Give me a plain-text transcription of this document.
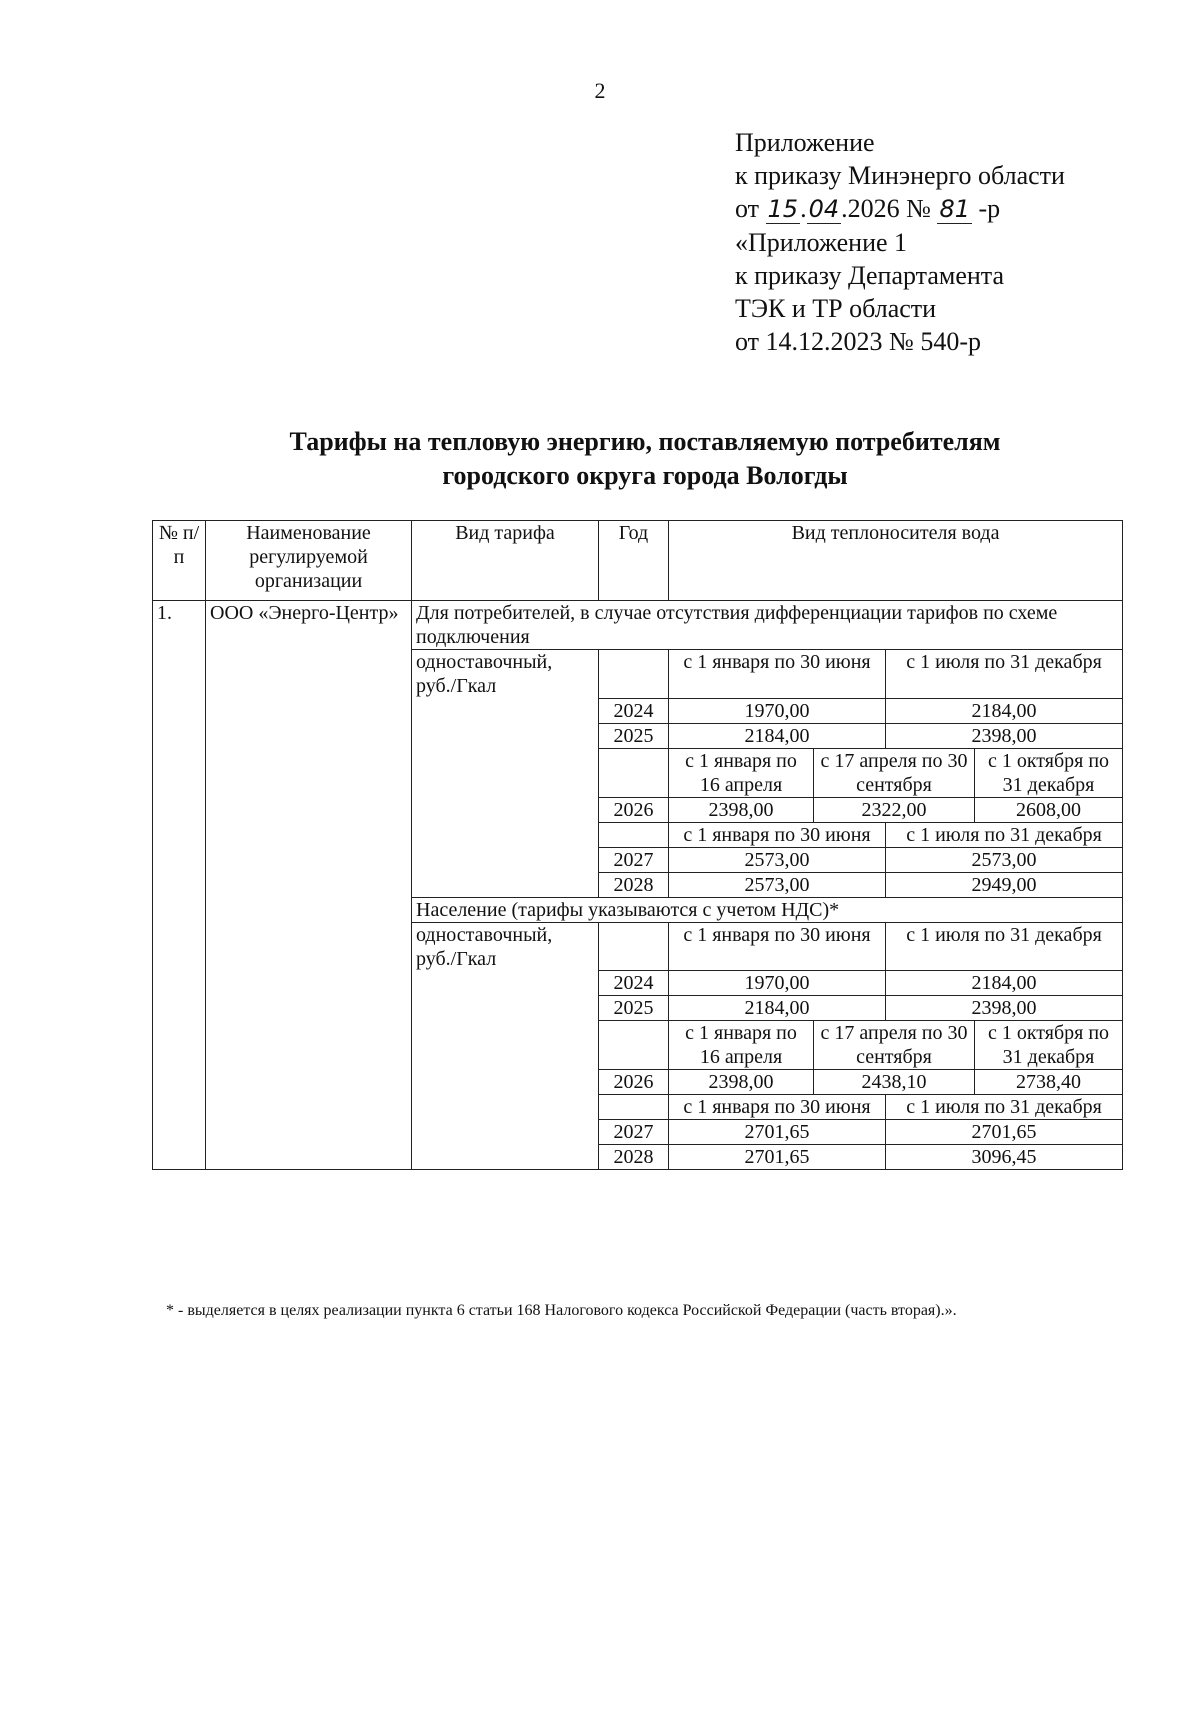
2
Приложение
к приказу Минэнерго области
от 15.04.2026 № 81 -р
«Приложение 1
к приказу Департамента
ТЭК и ТР области
от 14.12.2023 № 540-р
Тарифы на тепловую энергию, поставляемую потребителям
городского округа города Вологды
№ п/п	Наименование регулируемой организации	Вид тарифа	Год	Вид теплоносителя вода			
1.	ООО «Энерго-Центр»	Для потребителей, в случае отсутствия дифференциации тарифов по схеме подключения					
		одноставочный, руб./Гкал		с 1 января по 30 июня		с 1 июля по 31 декабря	
			2024	1970,00		2184,00	
			2025	2184,00		2398,00	
				с 1 января по 16 апреля	с 17 апреля по 30 сентября		с 1 октября по 31 декабря
			2026	2398,00	2322,00		2608,00
				с 1 января по 30 июня		с 1 июля по 31 декабря	
			2027	2573,00		2573,00	
			2028	2573,00		2949,00	
		Население (тарифы указываются с учетом НДС)*					
		одноставочный, руб./Гкал		с 1 января по 30 июня		с 1 июля по 31 декабря	
			2024	1970,00		2184,00	
			2025	2184,00		2398,00	
				с 1 января по 16 апреля	с 17 апреля по 30 сентября		с 1 октября по 31 декабря
			2026	2398,00	2438,10		2738,40
				с 1 января по 30 июня		с 1 июля по 31 декабря	
			2027	2701,65		2701,65	
			2028	2701,65		3096,45	
* - выделяется в целях реализации пункта 6 статьи 168 Налогового кодекса Российской Федерации (часть вторая).».
